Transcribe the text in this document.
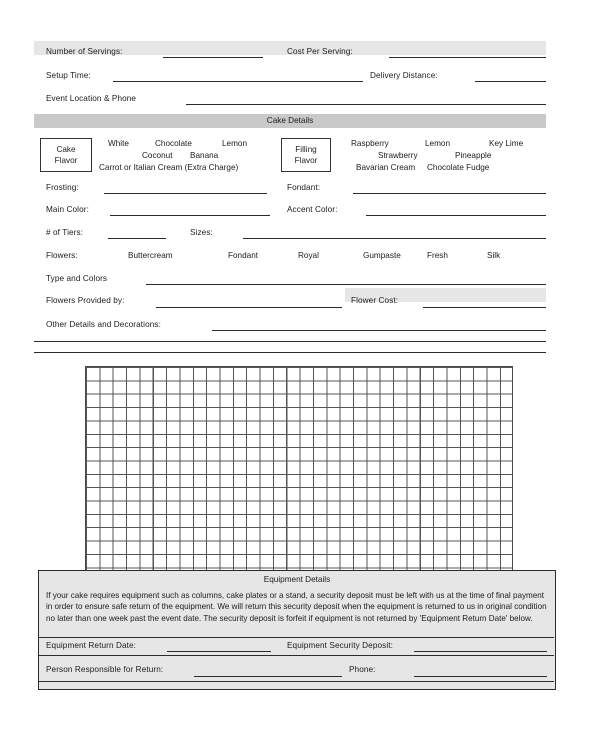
Number of Servings:	Cost Per Serving:
Setup Time:	Delivery Distance:
Event Location & Phone
Cake Details
Cake
Flavor
White	Chocolate	Lemon
Coconut Banana
Carrot or Italian Cream (Extra Charge)
Filling
Flavor
Raspberry	Lemon	Key Lime
Strawberry	Pineapple
Bavarian Cream Chocolate Fudge
Frosting:	Fondant:
Main Color:	Accent Color:
# of Tiers:	Sizes:
Flowers:	Buttercream	Fondant	Royal	Gumpaste	Fresh	Silk
Type and Colors
Flowers Provided by:	Flower Cost:
Other Details and Decorations:
Equipment Details
If your cake requires equipment such as columns, cake plates or a stand, a security deposit must be left with us at the time of final payment in order to ensure safe return of the equipment. We will return this security deposit when the equipment is returned to us in original condition no later than one week past the event date. The security deposit is forfeit if equipment is not returned by 'Equipment Return Date' below.
Equipment Return Date:	Equipment Security Deposit:
Person Responsible for Return:	Phone:
